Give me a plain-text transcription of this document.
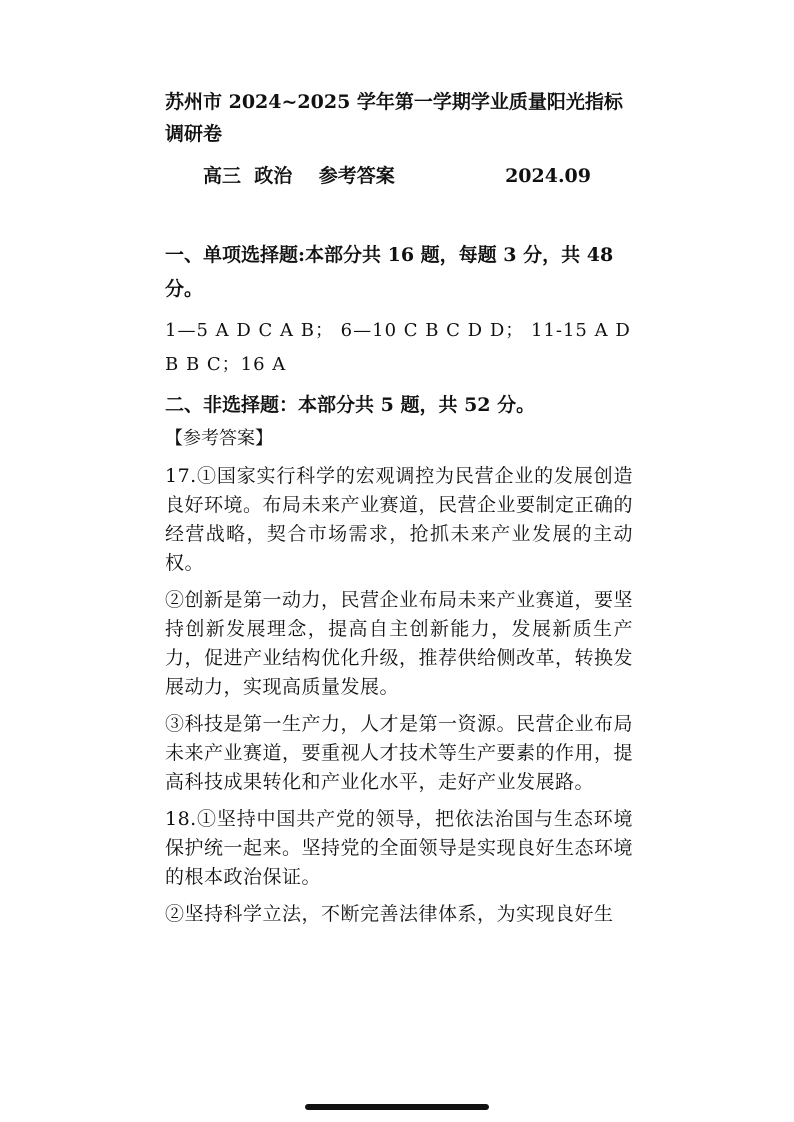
苏州市 2024~2025 学年第一学期学业质量阳光指标调研卷
高三  政治    参考答案	2024.09
一、单项选择题:本部分共 16 题，每题 3 分，共 48 分。
1—5 A D C A B； 6—10 C B C D D； 11-15 A D B B C；16 A
二、非选择题：本部分共 5 题，共 52 分。
【参考答案】

17.①国家实行科学的宏观调控为民营企业的发展创造良好环境。布局未来产业赛道，民营企业要制定正确的经营战略，契合市场需求，抢抓未来产业发展的主动权。

②创新是第一动力，民营企业布局未来产业赛道，要坚持创新发展理念，提高自主创新能力，发展新质生产力，促进产业结构优化升级，推荐供给侧改革，转换发展动力，实现高质量发展。

③科技是第一生产力，人才是第一资源。民营企业布局未来产业赛道，要重视人才技术等生产要素的作用，提高科技成果转化和产业化水平，走好产业发展路。

18.①坚持中国共产党的领导，把依法治国与生态环境保护统一起来。坚持党的全面领导是实现良好生态环境的根本政治保证。

②坚持科学立法，不断完善法律体系，为实现良好生
